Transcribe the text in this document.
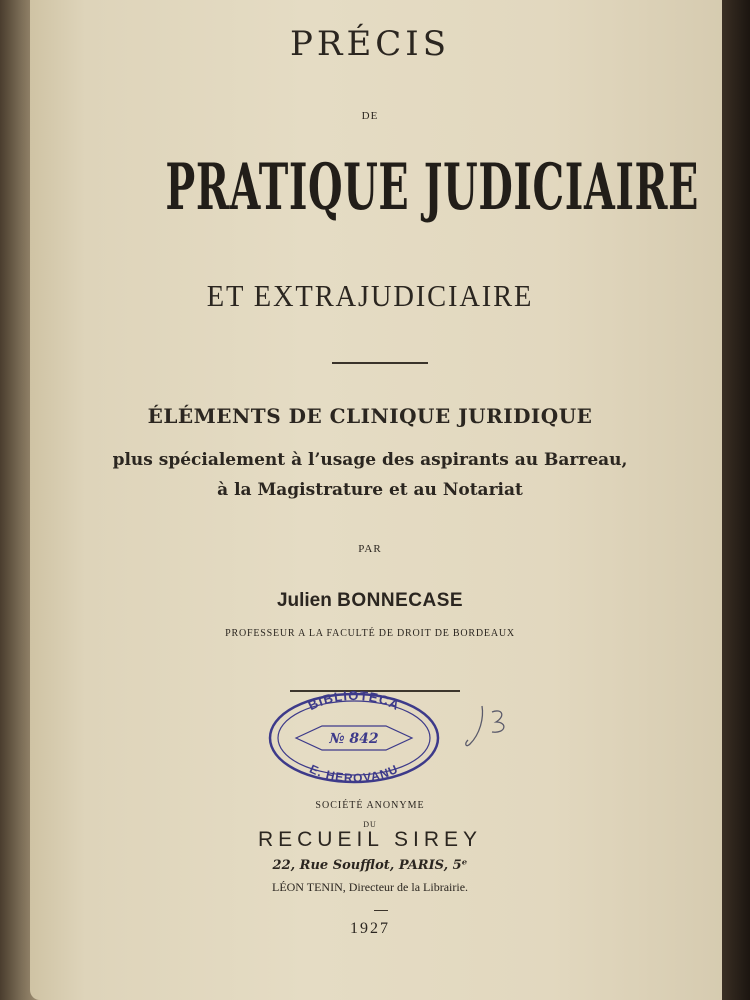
PRÉCIS

DE

PRATIQUE JUDICIAIRE

ET EXTRAJUDICIAIRE

ÉLÉMENTS DE CLINIQUE JURIDIQUE

plus spécialement à l’usage des aspirants au Barreau,

à la Magistrature et au Notariat

PAR

Julien BONNECASE

PROFESSEUR A LA FACULTÉ DE DROIT DE BORDEAUX

BIBLIOTECA
№ 842
E. HEROVANU

SOCIÉTÉ ANONYME

DU

RECUEIL SIREY

22, Rue Soufflot, PARIS, 5ᵉ

LÉON TENIN, Directeur de la Librairie.

1927
